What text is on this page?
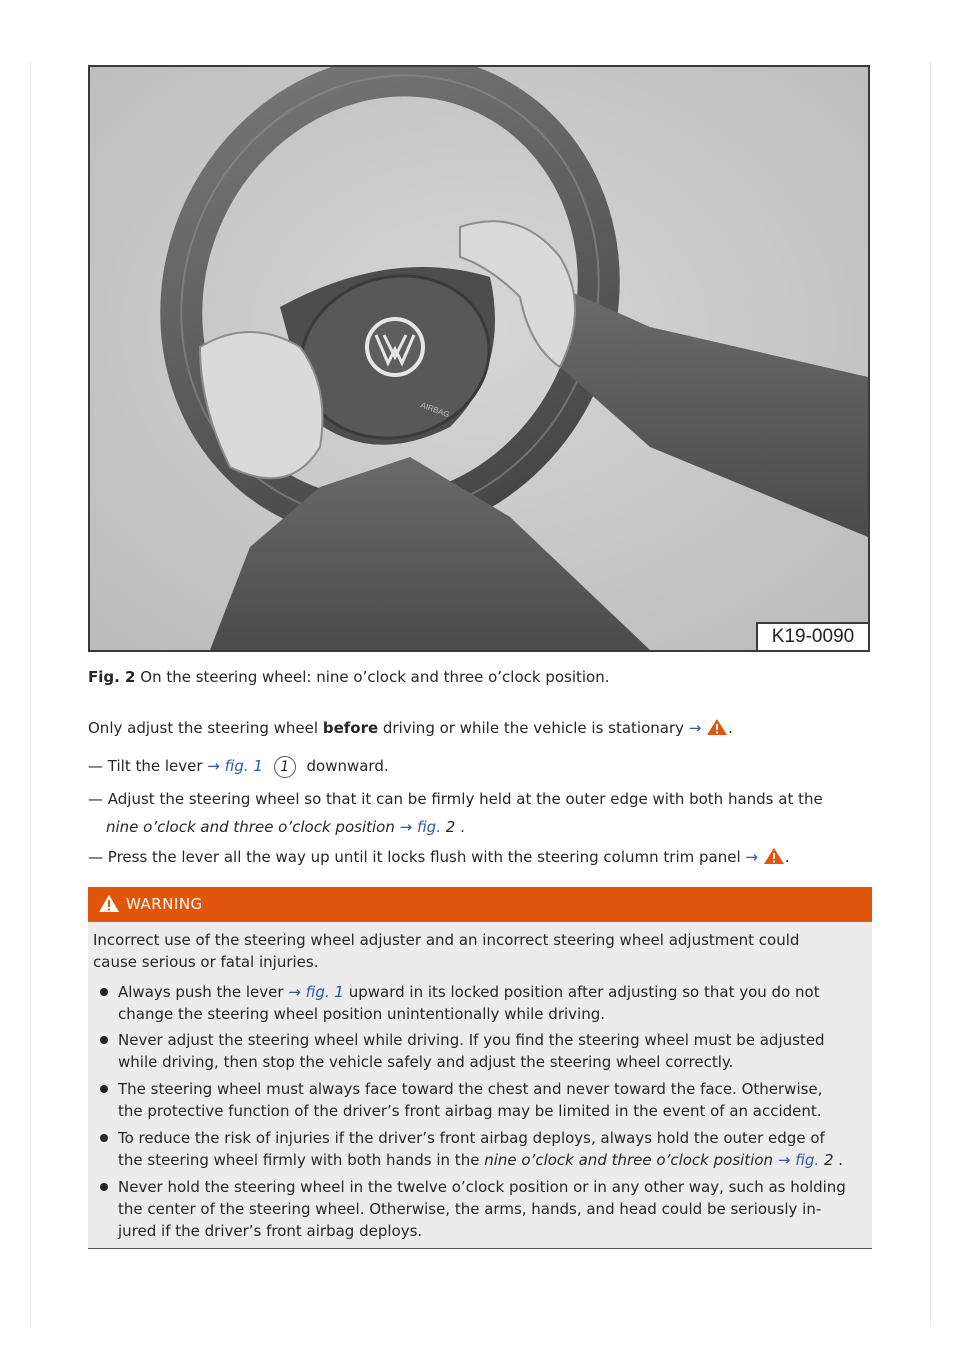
AIRBAG
K19-0090
Fig. 2 On the steering wheel: nine o’clock and three o’clock position.
Only adjust the steering wheel before driving or while the vehicle is stationary → .
— Tilt the lever → fig. 1 1 downward.
— Adjust the steering wheel so that it can be firmly held at the outer edge with both hands at the
nine o’clock and three o’clock position → fig. 2 .
— Press the lever all the way up until it locks flush with the steering column trim panel → .
WARNING
Incorrect use of the steering wheel adjuster and an incorrect steering wheel adjustment could
cause serious or fatal injuries.
Always push the lever → fig. 1 upward in its locked position after adjusting so that you do not
change the steering wheel position unintentionally while driving.
Never adjust the steering wheel while driving. If you find the steering wheel must be adjusted
while driving, then stop the vehicle safely and adjust the steering wheel correctly.
The steering wheel must always face toward the chest and never toward the face. Otherwise,
the protective function of the driver’s front airbag may be limited in the event of an accident.
To reduce the risk of injuries if the driver’s front airbag deploys, always hold the outer edge of
the steering wheel firmly with both hands in the nine o’clock and three o’clock position → fig. 2 .
Never hold the steering wheel in the twelve o’clock position or in any other way, such as holding
the center of the steering wheel. Otherwise, the arms, hands, and head could be seriously in-
jured if the driver’s front airbag deploys.
